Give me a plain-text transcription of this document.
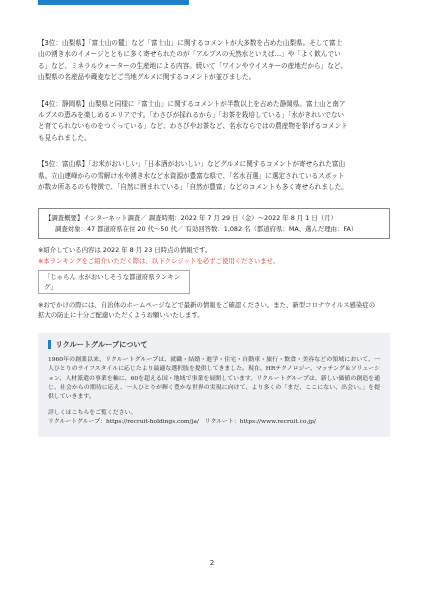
【3位：山梨県】「富士山の麓」など「富士山」に関するコメントが大多数を占めた山梨県。そして富士

山の湧き水のイメージとともに多く寄せられたのが「アルプスの天然水といえば…」や「よく飲んでい

る」など、ミネラルウォーターの生産地による内容。続いて「ワインやウイスキーの産地だから」など、

山梨県の名産品や蔵麦などご当地グルメに関するコメントが並びました。

【4位：静岡県】山梨県と同様に「富士山」に関するコメントが半数以上を占めた静岡県。富士山と南ア

ルプスの恵みを楽しめるエリアです。「わさびが採れるから」「お茶を栽培している」「水がきれいでない

と育てられないものをつくっている」など、わさびやお茶など、名水ならではの農産物を挙げるコメント

も見られました。

【5位：富山県】「お米がおいしい」「日本酒がおいしい」などグルメに関するコメントが寄せられた富山

県。立山連峰からの雪解け水や湧き水など水資源が豊富な県で、「名水百選」に選定されているスポット

が数カ所あるのも特徴で、「自然に囲まれている」「自然が豊富」などのコメントも多く寄せられました。

【調査概要】インターネット調査／ 調査時期：2022 年 7 月 29 日（金）～2022 年 8 月 1 日（月）
調査対象：47 都道府県在住 20 代～50 代／ 有効回答数：1,082 名（都道府県：MA、選んだ理由：FA）

※紹介している内容は 2022 年 8 月 23 日時点の情報です。

※本ランキングをご紹介いただく際は、以下クレジットを必ずご使用くださいませ。

「じゃらん 水がおいしそうな都道府県ランキング」

※おでかけの際には、自治体のホームページなどで最新の情報をご確認ください。また、新型コロナウイルス感染症の

拡大の防止に十分ご配慮いただくようお願いいたします。

リクルートグループについて

1960年の創業以来、リクルートグループは、就職・結婚・進学・住宅・自動車・旅行・飲食・美容などの領域において、一人ひとりのライフスタイルに応じたより最適な選択肢を提供してきました。現在、HRテクノロジー、マッチング＆ソリューション、人材派遣の事業を軸に、60を超える国・地域で事業を展開しています。リクルートグループは、新しい価値の創造を通じ、社会からの期待に応え、一人ひとりが輝く豊かな世界の実現に向けて、より多くの「まだ、ここにない、出会い。」を提供していきます。

詳しくはこちらをご覧ください。
リクルートグループ：https://recruit-holdings.com/ja/　リクルート：https://www.recruit.co.jp/
2
